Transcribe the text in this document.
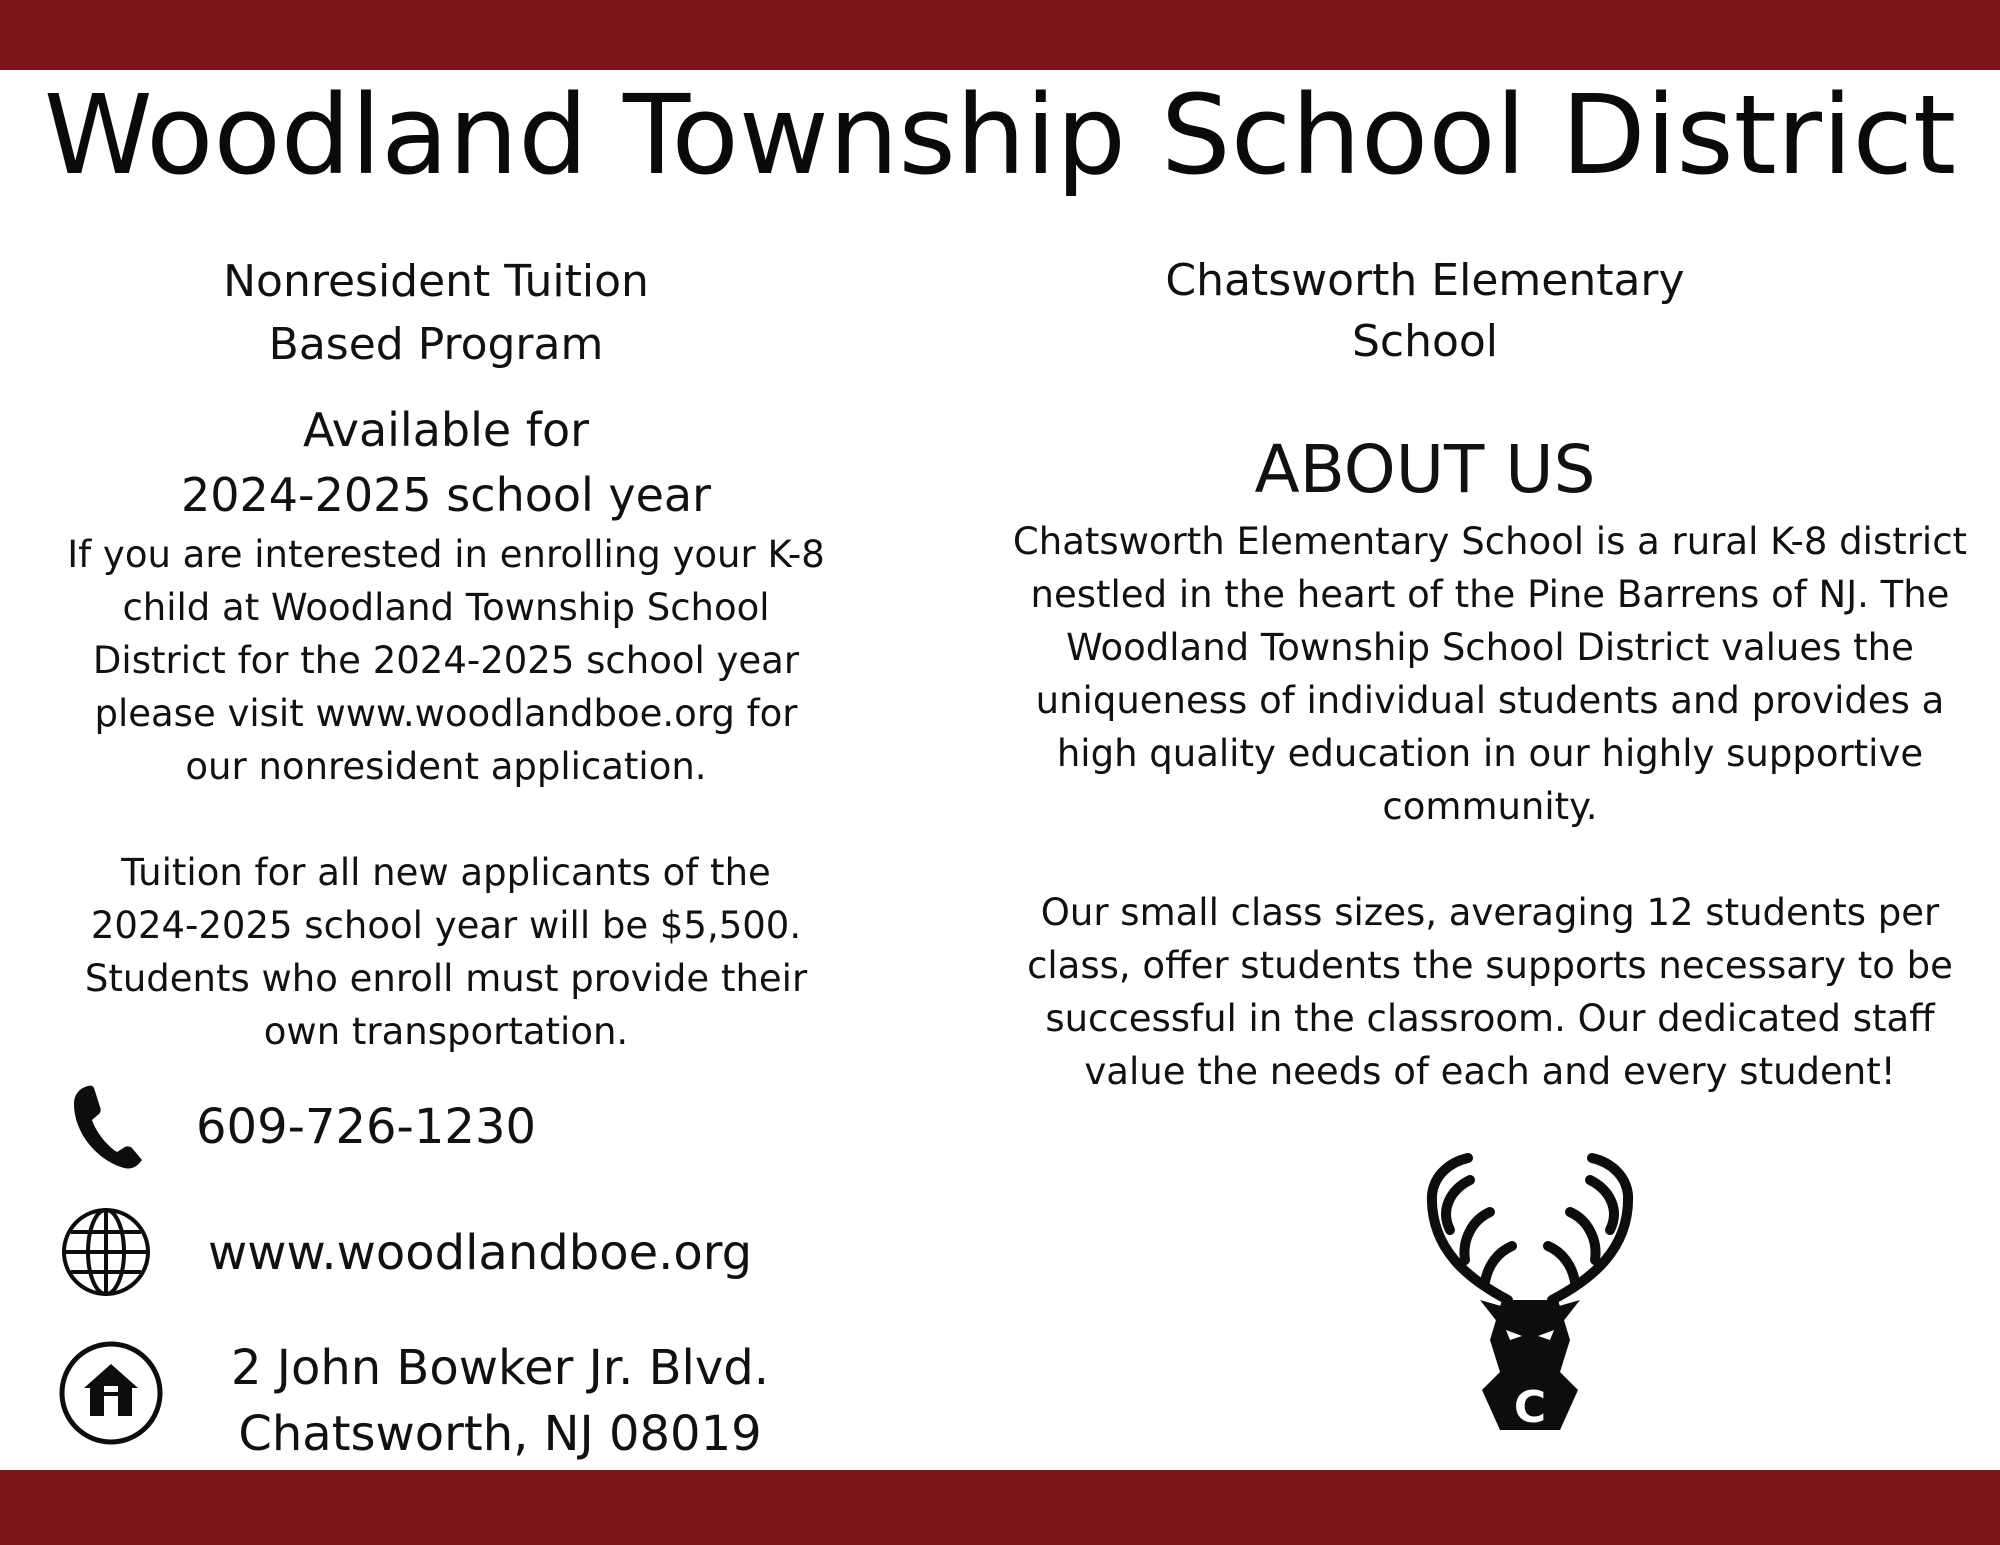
Woodland Township School District
Nonresident Tuition
Based Program
Available for
2024-2025 school year
If you are interested in enrolling your K-8
child at Woodland Township School
District for the 2024-2025 school year
please visit www.woodlandboe.org for
our nonresident application.
Tuition for all new applicants of the
2024-2025 school year will be $5,500.
Students who enroll must provide their
own transportation.
609-726-1230
www.woodlandboe.org
2 John Bowker Jr. Blvd.
Chatsworth, NJ 08019
Chatsworth Elementary
School
ABOUT US
Chatsworth Elementary School is a rural K-8 district
nestled in the heart of the Pine Barrens of NJ. The
Woodland Township School District values the
uniqueness of individual students and provides a
high quality education in our highly supportive
community.
Our small class sizes, averaging 12 students per
class, offer students the supports necessary to be
successful in the classroom. Our dedicated staff
value the needs of each and every student!
C
